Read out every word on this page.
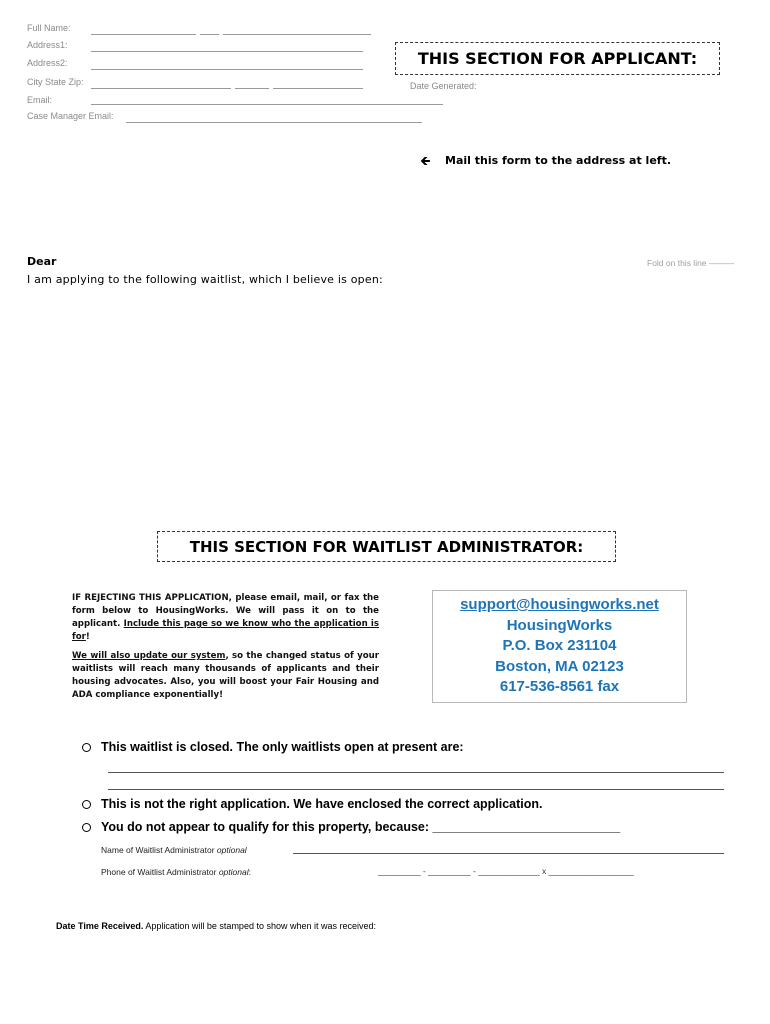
Full Name:
Address1:
Address2:
City State Zip:
Email:
Case Manager Email:
THIS SECTION FOR APPLICANT:
Date Generated:
🡸 Mail this form to the address at left.
Dear	Fold on this line ———
I am applying to the following waitlist, which I believe is open:
THIS SECTION FOR WAITLIST ADMINISTRATOR:
IF REJECTING THIS APPLICATION, please email, mail, or fax the form below to HousingWorks. We will pass it on to the applicant. Include this page so we know who the application is for!
We will also update our system, so the changed status of your waitlists will reach many thousands of applicants and their housing advocates. Also, you will boost your Fair Housing and ADA compliance exponentially!
support@housingworks.net
HousingWorks
P.O. Box 231104
Boston, MA 02123
617-536-8561 fax
This waitlist is closed. The only waitlists open at present are:
This is not the right application. We have enclosed the correct application.
You do not appear to qualify for this property, because: ___________________________
Name of Waitlist Administrator optional
Phone of Waitlist Administrator optional:	_________ - _________ - _____________ x __________________
Date Time Received. Application will be stamped to show when it was received:
